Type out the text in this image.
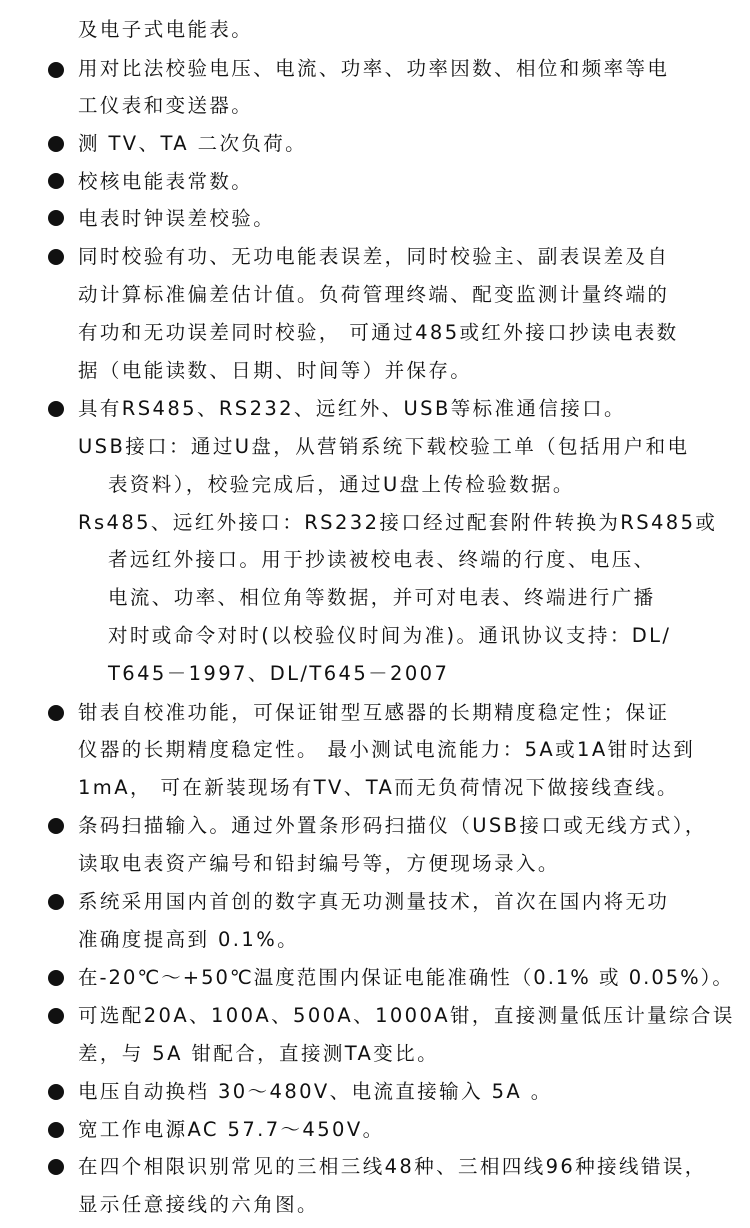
及电子式电能表。
用对比法校验电压、电流、功率、功率因数、相位和频率等电
工仪表和变送器。
测 TV、TA 二次负荷。
校核电能表常数。
电表时钟误差校验。
同时校验有功、无功电能表误差，同时校验主、副表误差及自
动计算标准偏差估计值。负荷管理终端、配变监测计量终端的
有功和无功误差同时校验， 可通过485或红外接口抄读电表数
据（电能读数、日期、时间等）并保存。
具有RS485、RS232、远红外、USB等标准通信接口。
USB接口：通过U盘，从营销系统下载校验工单（包括用户和电
表资料），校验完成后，通过U盘上传检验数据。
Rs485、远红外接口：RS232接口经过配套附件转换为RS485或
者远红外接口。用于抄读被校电表、终端的行度、电压、
电流、功率、相位角等数据，并可对电表、终端进行广播
对时或命令对时(以校验仪时间为准)。通讯协议支持：DL/
T645－1997、DL/T645－2007
钳表自校准功能，可保证钳型互感器的长期精度稳定性；保证
仪器的长期精度稳定性。 最小测试电流能力：5A或1A钳时达到
1mA， 可在新装现场有TV、TA而无负荷情况下做接线查线。
条码扫描输入。通过外置条形码扫描仪（USB接口或无线方式），
读取电表资产编号和铅封编号等，方便现场录入。
系统采用国内首创的数字真无功测量技术，首次在国内将无功
准确度提高到 0.1%。
在-20℃～+50℃温度范围内保证电能准确性（0.1% 或 0.05%）。
可选配20A、100A、500A、1000A钳，直接测量低压计量综合误
差，与 5A 钳配合，直接测TA变比。
电压自动换档 30～480V、电流直接输入 5A 。
宽工作电源AC 57.7～450V。
在四个相限识别常见的三相三线48种、三相四线96种接线错误，
显示任意接线的六角图。
